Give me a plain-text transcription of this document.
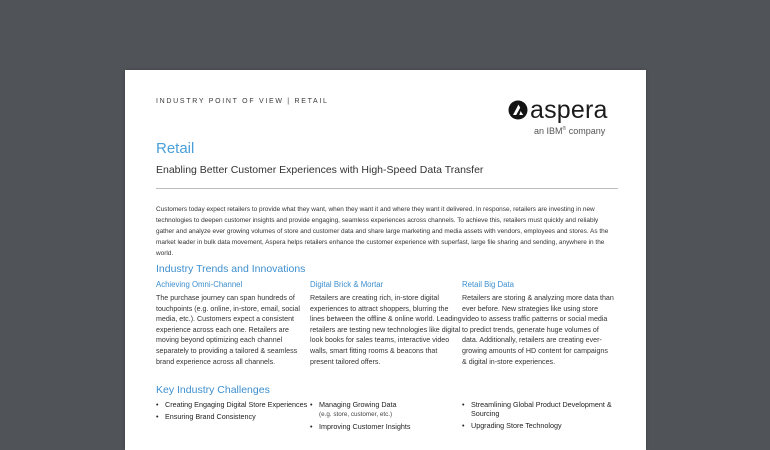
INDUSTRY POINT OF VIEW | RETAIL	aspera
an IBM® company
Retail
Enabling Better Customer Experiences with High-Speed Data Transfer

Customers today expect retailers to provide what they want, when they want it and where they want it delivered. In response, retailers are investing in new technologies to deepen customer insights and provide engaging, seamless experiences across channels. To achieve this, retailers must quickly and reliably gather and analyze ever growing volumes of store and customer data and share large marketing and media assets with vendors, employees and stores. As the market leader in bulk data movement, Aspera helps retailers enhance the customer experience with superfast, large file sharing and sending, anywhere in the world.

Industry Trends and Innovations
Achieving Omni-Channel

The purchase journey can span hundreds of touchpoints (e.g. online, in-store, email, social media, etc.). Customers expect a consistent experience across each one. Retailers are moving beyond optimizing each channel separately to providing a tailored & seamless brand experience across all channels.

Digital Brick & Mortar

Retailers are creating rich, in-store digital experiences to attract shoppers, blurring the lines between the offline & online world. Leading retailers are testing new technologies like digital look books for sales teams, interactive video walls, smart fitting rooms & beacons that present tailored offers.

Retail Big Data

Retailers are storing & analyzing more data than ever before. New strategies like using store video to assess traffic patterns or social media to predict trends, generate huge volumes of data. Additionally, retailers are creating ever-growing amounts of HD content for campaigns & digital in-store experiences.

Key Industry Challenges
• Creating Engaging Digital Store Experiences
• Ensuring Brand Consistency
• Managing Growing Data
(e.g. store, customer, etc.)
• Improving Customer Insights
• Streamlining Global Product Development & Sourcing
• Upgrading Store Technology
